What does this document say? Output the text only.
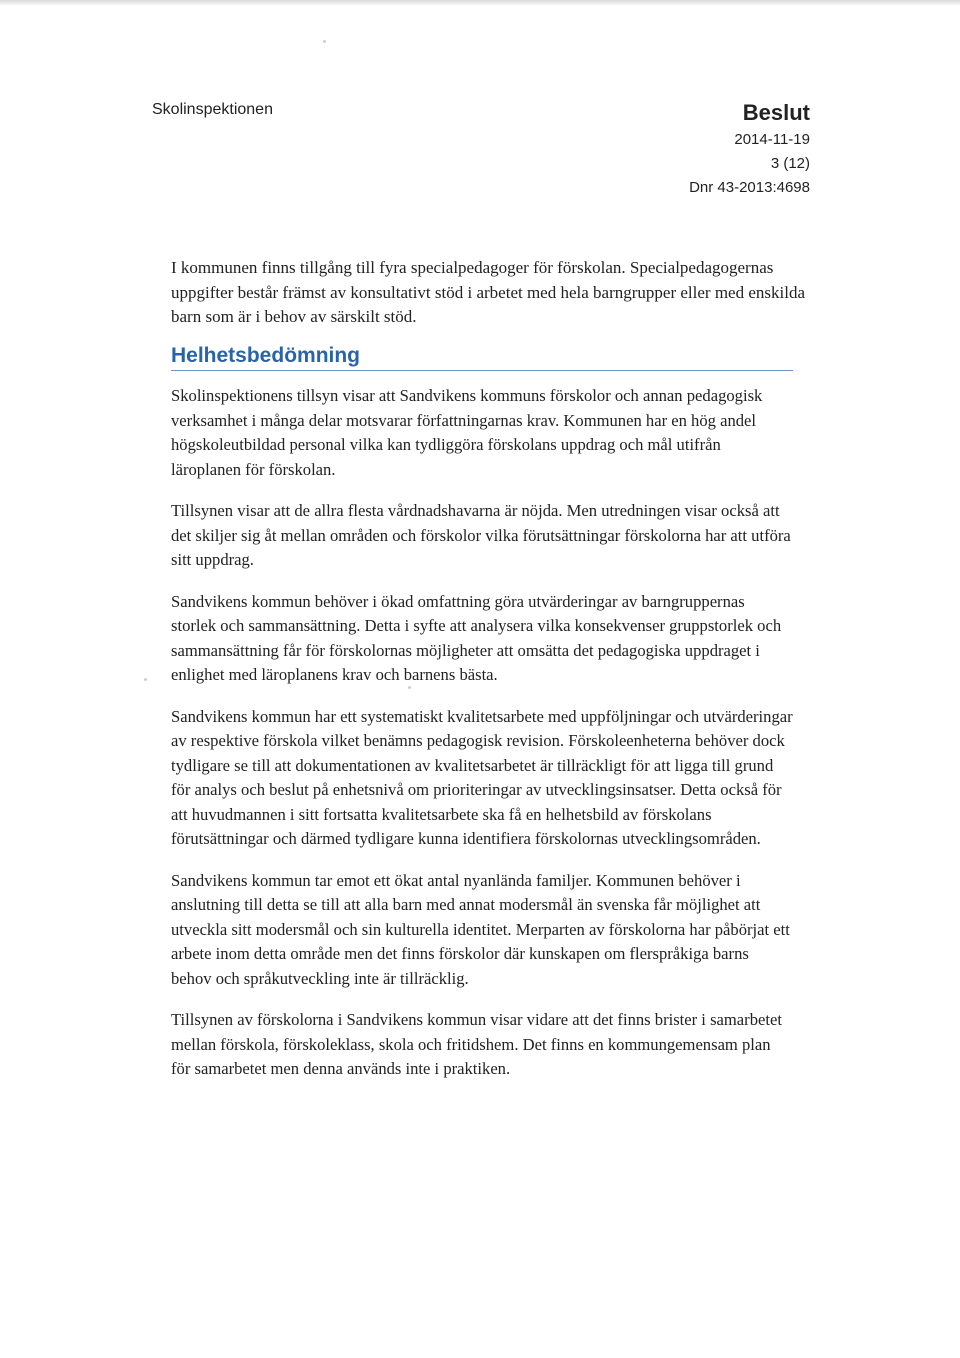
Skolinspektionen	Beslut
2014-11-19
3 (12)
Dnr 43-2013:4698
I kommunen finns tillgång till fyra specialpedagoger för förskolan. Specialpedagogernas uppgifter består främst av konsultativt stöd i arbetet med hela barngrupper eller med enskilda barn som är i behov av särskilt stöd.
Helhetsbedömning

Skolinspektionens tillsyn visar att Sandvikens kommuns förskolor och annan pedagogisk verksamhet i många delar motsvarar författningarnas krav. Kommunen har en hög andel högskoleutbildad personal vilka kan tydliggöra förskolans uppdrag och mål utifrån läroplanen för förskolan.

Tillsynen visar att de allra flesta vårdnadshavarna är nöjda. Men utredningen visar också att det skiljer sig åt mellan områden och förskolor vilka förutsättningar förskolorna har att utföra sitt uppdrag.

Sandvikens kommun behöver i ökad omfattning göra utvärderingar av barngruppernas storlek och sammansättning. Detta i syfte att analysera vilka konsekvenser gruppstorlek och sammansättning får för förskolornas möjligheter att omsätta det pedagogiska uppdraget i enlighet med läroplanens krav och barnens bästa.

Sandvikens kommun har ett systematiskt kvalitetsarbete med uppföljningar och utvärderingar av respektive förskola vilket benämns pedagogisk revision. Förskoleenheterna behöver dock tydligare se till att dokumentationen av kvalitetsarbetet är tillräckligt för att ligga till grund för analys och beslut på enhetsnivå om prioriteringar av utvecklingsinsatser. Detta också för att huvudmannen i sitt fortsatta kvalitetsarbete ska få en helhetsbild av förskolans förutsättningar och därmed tydligare kunna identifiera förskolornas utvecklingsområden.

Sandvikens kommun tar emot ett ökat antal nyanlända familjer. Kommunen behöver i anslutning till detta se till att alla barn med annat modersmål än svenska får möjlighet att utveckla sitt modersmål och sin kulturella identitet. Merparten av förskolorna har påbörjat ett arbete inom detta område men det finns förskolor där kunskapen om flerspråkiga barns behov och språkutveckling inte är tillräcklig.

Tillsynen av förskolorna i Sandvikens kommun visar vidare att det finns brister i samarbetet mellan förskola, förskoleklass, skola och fritidshem. Det finns en kommungemensam plan för samarbetet men denna används inte i praktiken.
